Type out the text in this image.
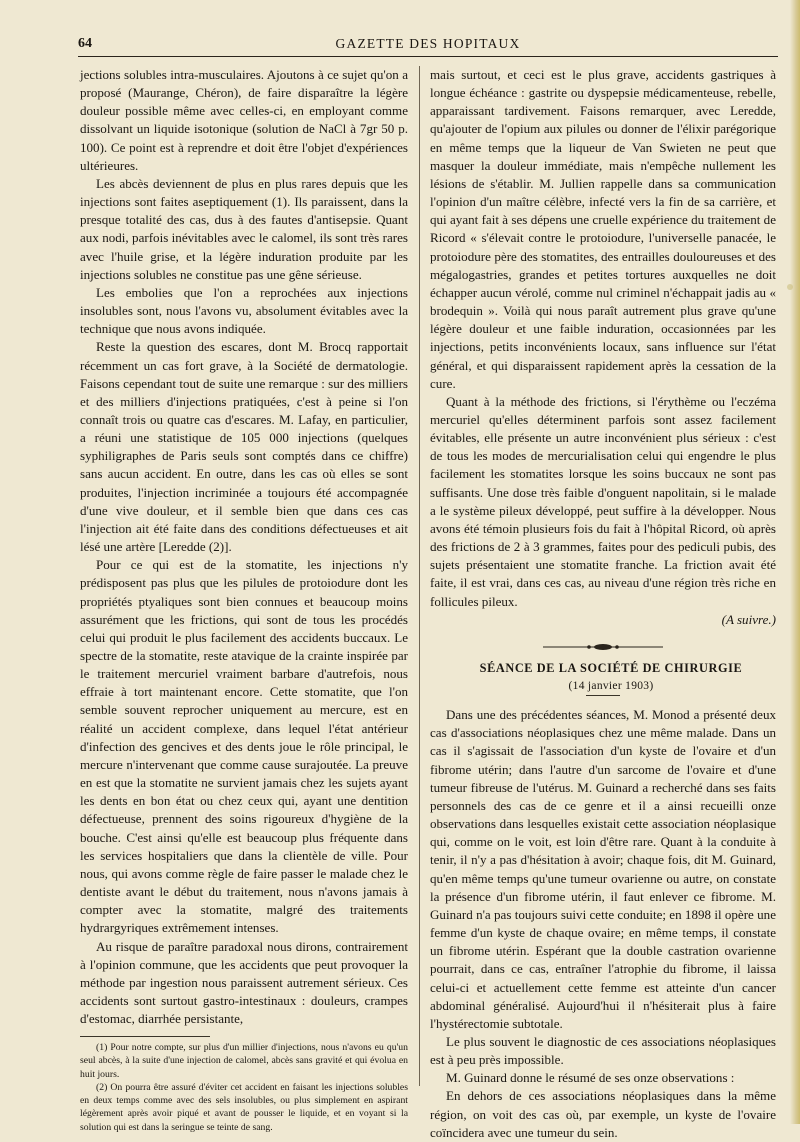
64	GAZETTE DES HOPITAUX

jections solubles intra-musculaires. Ajoutons à ce sujet qu'on a proposé (Maurange, Chéron), de faire disparaître la légère douleur possible même avec celles-ci, en employant comme dissolvant un liquide isotonique (solution de NaCl à 7gr 50 p. 100). Ce point est à reprendre et doit être l'objet d'expériences ultérieures.

Les abcès deviennent de plus en plus rares depuis que les injections sont faites aseptiquement (1). Ils paraissent, dans la presque totalité des cas, dus à des fautes d'antisepsie. Quant aux nodi, parfois inévitables avec le calomel, ils sont très rares avec l'huile grise, et la légère induration produite par les injections solubles ne constitue pas une gêne sérieuse.

Les embolies que l'on a reprochées aux injections insolubles sont, nous l'avons vu, absolument évitables avec la technique que nous avons indiquée.

Reste la question des escares, dont M. Brocq rapportait récemment un cas fort grave, à la Société de dermatologie. Faisons cependant tout de suite une remarque : sur des milliers et des milliers d'injections pratiquées, c'est à peine si l'on connaît trois ou quatre cas d'escares. M. Lafay, en particulier, a réuni une statistique de 105 000 injections (quelques syphiligraphes de Paris seuls sont comptés dans ce chiffre) sans aucun accident. En outre, dans les cas où elles se sont produites, l'injection incriminée a toujours été accompagnée d'une vive douleur, et il semble bien que dans ces cas l'injection ait été faite dans des conditions défectueuses et ait lésé une artère [Leredde (2)].

Pour ce qui est de la stomatite, les injections n'y prédisposent pas plus que les pilules de protoiodure dont les propriétés ptyaliques sont bien connues et beaucoup moins assurément que les frictions, qui sont de tous les procédés celui qui produit le plus facilement des accidents buccaux. Le spectre de la stomatite, reste atavique de la crainte inspirée par le traitement mercuriel vraiment barbare d'autrefois, nous effraie à tort maintenant encore. Cette stomatite, que l'on semble souvent reprocher uniquement au mercure, est en réalité un accident complexe, dans lequel l'état antérieur d'infection des gencives et des dents joue le rôle principal, le mercure n'intervenant que comme cause surajoutée. La preuve en est que la stomatite ne survient jamais chez les sujets ayant les dents en bon état ou chez ceux qui, ayant une dentition défectueuse, prennent des soins rigoureux d'hygiène de la bouche. C'est ainsi qu'elle est beaucoup plus fréquente dans les services hospitaliers que dans la clientèle de ville. Pour nous, qui avons comme règle de faire passer le malade chez le dentiste avant le début du traitement, nous n'avons jamais à compter avec la stomatite, malgré des traitements hydrargyriques extrêmement intenses.

Au risque de paraître paradoxal nous dirons, contrairement à l'opinion commune, que les accidents que peut provoquer la méthode par ingestion nous paraissent autrement sérieux. Ces accidents sont surtout gastro-intestinaux : douleurs, crampes d'estomac, diarrhée persistante,

(1) Pour notre compte, sur plus d'un millier d'injections, nous n'avons eu qu'un seul abcès, à la suite d'une injection de calomel, abcès sans gravité et qui évolua en huit jours.

(2) On pourra être assuré d'éviter cet accident en faisant les injections solubles en deux temps comme avec des sels insolubles, ou plus simplement en aspirant légèrement après avoir piqué et avant de pousser le liquide, et en voyant si la solution qui est dans la seringue se teinte de sang.

mais surtout, et ceci est le plus grave, accidents gastriques à longue échéance : gastrite ou dyspepsie médicamenteuse, rebelle, apparaissant tardivement. Faisons remarquer, avec Leredde, qu'ajouter de l'opium aux pilules ou donner de l'élixir parégorique en même temps que la liqueur de Van Swieten ne peut que masquer la douleur immédiate, mais n'empêche nullement les lésions de s'établir. M. Jullien rappelle dans sa communication l'opinion d'un maître célèbre, infecté vers la fin de sa carrière, et qui ayant fait à ses dépens une cruelle expérience du traitement de Ricord « s'élevait contre le protoiodure, l'universelle panacée, le protoiodure père des stomatites, des entrailles douloureuses et des mégalogastries, grandes et petites tortures auxquelles ne doit échapper aucun vérolé, comme nul criminel n'échappait jadis au « brodequin ». Voilà qui nous paraît autrement plus grave qu'une légère douleur et une faible induration, occasionnées par les injections, petits inconvénients locaux, sans influence sur l'état général, et qui disparaissent rapidement après la cessation de la cure.

Quant à la méthode des frictions, si l'érythème ou l'eczéma mercuriel qu'elles déterminent parfois sont assez facilement évitables, elle présente un autre inconvénient plus sérieux : c'est de tous les modes de mercurialisation celui qui engendre le plus facilement les stomatites lorsque les soins buccaux ne sont pas suffisants. Une dose très faible d'onguent napolitain, si le malade a le système pileux développé, peut suffire à la développer. Nous avons été témoin plusieurs fois du fait à l'hôpital Ricord, où après des frictions de 2 à 3 grammes, faites pour des pediculi pubis, des sujets présentaient une stomatite franche. La friction avait été faite, il est vrai, dans ces cas, au niveau d'une région très riche en follicules pileux.

(A suivre.)

SÉANCE DE LA SOCIÉTÉ DE CHIRURGIE

(14 janvier 1903)

Dans une des précédentes séances, M. Monod a présenté deux cas d'associations néoplasiques chez une même malade. Dans un cas il s'agissait de l'association d'un kyste de l'ovaire et d'un fibrome utérin; dans l'autre d'un sarcome de l'ovaire et d'une tumeur fibreuse de l'utérus. M. Guinard a recherché dans ses faits personnels des cas de ce genre et il a ainsi recueilli onze observations dans lesquelles existait cette association néoplasique qui, comme on le voit, est loin d'être rare. Quant à la conduite à tenir, il n'y a pas d'hésitation à avoir; chaque fois, dit M. Guinard, qu'en même temps qu'une tumeur ovarienne ou autre, on constate la présence d'un fibrome utérin, il faut enlever ce fibrome. M. Guinard n'a pas toujours suivi cette conduite; en 1898 il opère une femme d'un kyste de chaque ovaire; en même temps, il constate un fibrome utérin. Espérant que la double castration ovarienne pourrait, dans ce cas, entraîner l'atrophie du fibrome, il laissa celui-ci et actuellement cette femme est atteinte d'un cancer abdominal généralisé. Aujourd'hui il n'hésiterait plus à faire l'hystérectomie subtotale.

Le plus souvent le diagnostic de ces associations néoplasiques est à peu près impossible.

M. Guinard donne le résumé de ses onze observations :

En dehors de ces associations néoplasiques dans la même région, on voit des cas où, par exemple, un kyste de l'ovaire coïncidera avec une tumeur du sein.
